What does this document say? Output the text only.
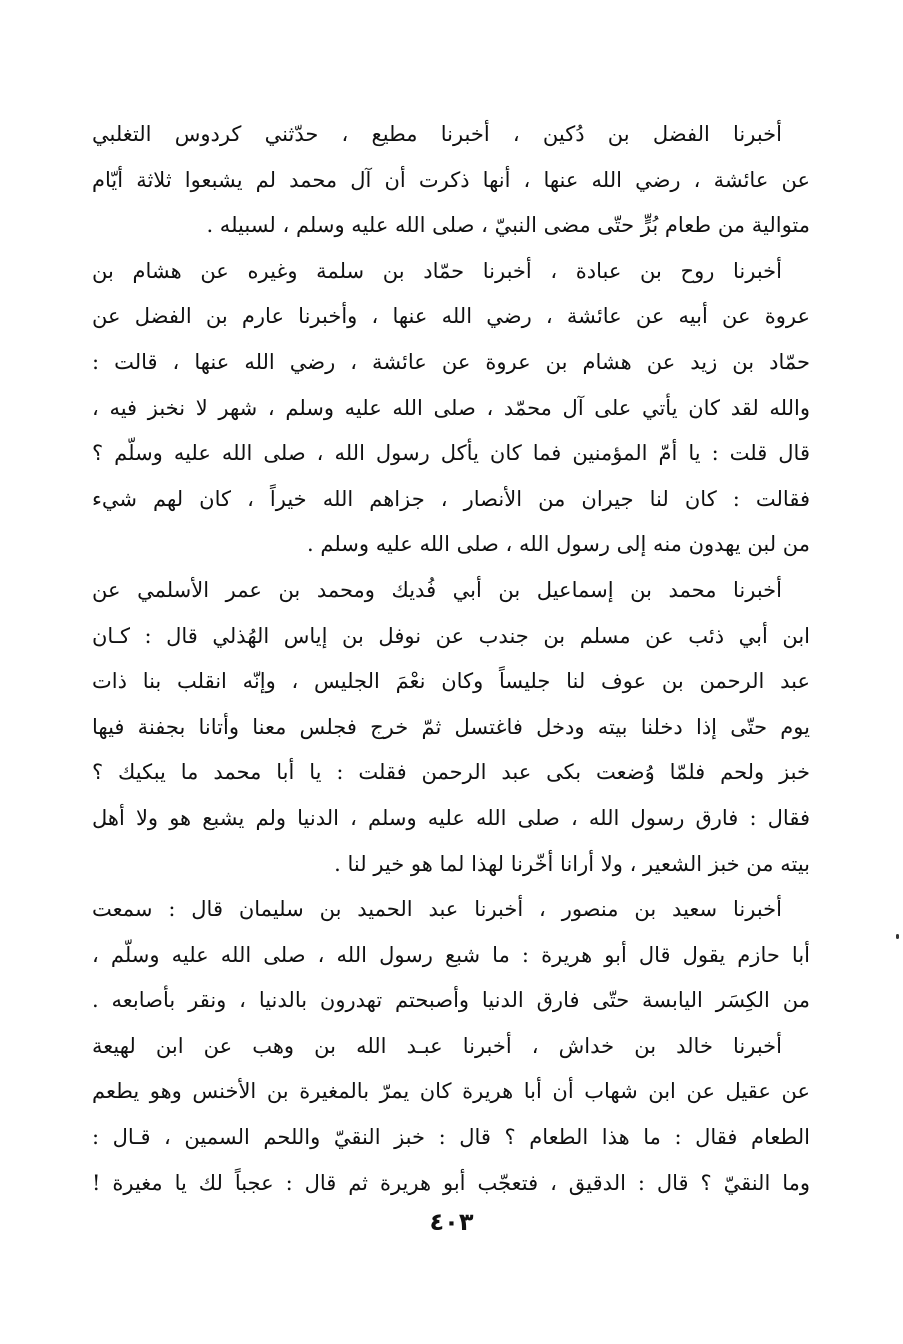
أخبرنا الفضل بن دُكين ، أخبرنا مطيع ، حدّثني كردوس التغلبي
عن عائشة ، رضي الله عنها ، أنها ذكرت أن آل محمد لم يشبعوا ثلاثة أيّام
متوالية من طعام بُرٍّ حتّى مضى النبيّ ، صلى الله عليه وسلم ، لسبيله .
أخبرنا روح بن عبادة ، أخبرنا حمّاد بن سلمة وغيره عن هشام بن
عروة عن أبيه عن عائشة ، رضي الله عنها ، وأخبرنا عارم بن الفضل عن
حمّاد بن زيد عن هشام بن عروة عن عائشة ، رضي الله عنها ، قالت :
والله لقد كان يأتي على آل محمّد ، صلى الله عليه وسلم ، شهر لا نخبز فيه ،
قال قلت : يا أمّ المؤمنين فما كان يأكل رسول الله ، صلى الله عليه وسلّم ؟
فقالت : كان لنا جيران من الأنصار ، جزاهم الله خيراً ، كان لهم شيء
من لبن يهدون منه إلى رسول الله ، صلى الله عليه وسلم .
أخبرنا محمد بن إسماعيل بن أبي فُديك ومحمد بن عمر الأسلمي عن
ابن أبي ذئب عن مسلم بن جندب عن نوفل بن إياس الهُذلي قال : كـان
عبد الرحمن بن عوف لنا جليساً وكان نعْمَ الجليس ، وإنّه انقلب بنا ذات
يوم حتّى إذا دخلنا بيته ودخل فاغتسل ثمّ خرج فجلس معنا وأتانا بجفنة فيها
خبز ولحم فلمّا وُضعت بكى عبد الرحمن فقلت : يا أبا محمد ما يبكيك ؟
فقال : فارق رسول الله ، صلى الله عليه وسلم ، الدنيا ولم يشبع هو ولا أهل
بيته من خبز الشعير ، ولا أرانا أخّرنا لهذا لما هو خير لنا .
أخبرنا سعيد بن منصور ، أخبرنا عبد الحميد بن سليمان قال : سمعت
أبا حازم يقول قال أبو هريرة : ما شبع رسول الله ، صلى الله عليه وسلّم ،
من الكِسَر اليابسة حتّى فارق الدنيا وأصبحتم تهدرون بالدنيا ، ونقر بأصابعه .
أخبرنا خالد بن خداش ، أخبرنا عبـد الله بن وهب عن ابن لهيعة
عن عقيل عن ابن شهاب أن أبا هريرة كان يمرّ بالمغيرة بن الأخنس وهو يطعم
الطعام فقال : ما هذا الطعام ؟ قال : خبز النقيّ واللحم السمين ، قـال :
وما النقيّ ؟ قال : الدقيق ، فتعجّب أبو هريرة ثم قال : عجباً لك يا مغيرة !
٤٠٣
